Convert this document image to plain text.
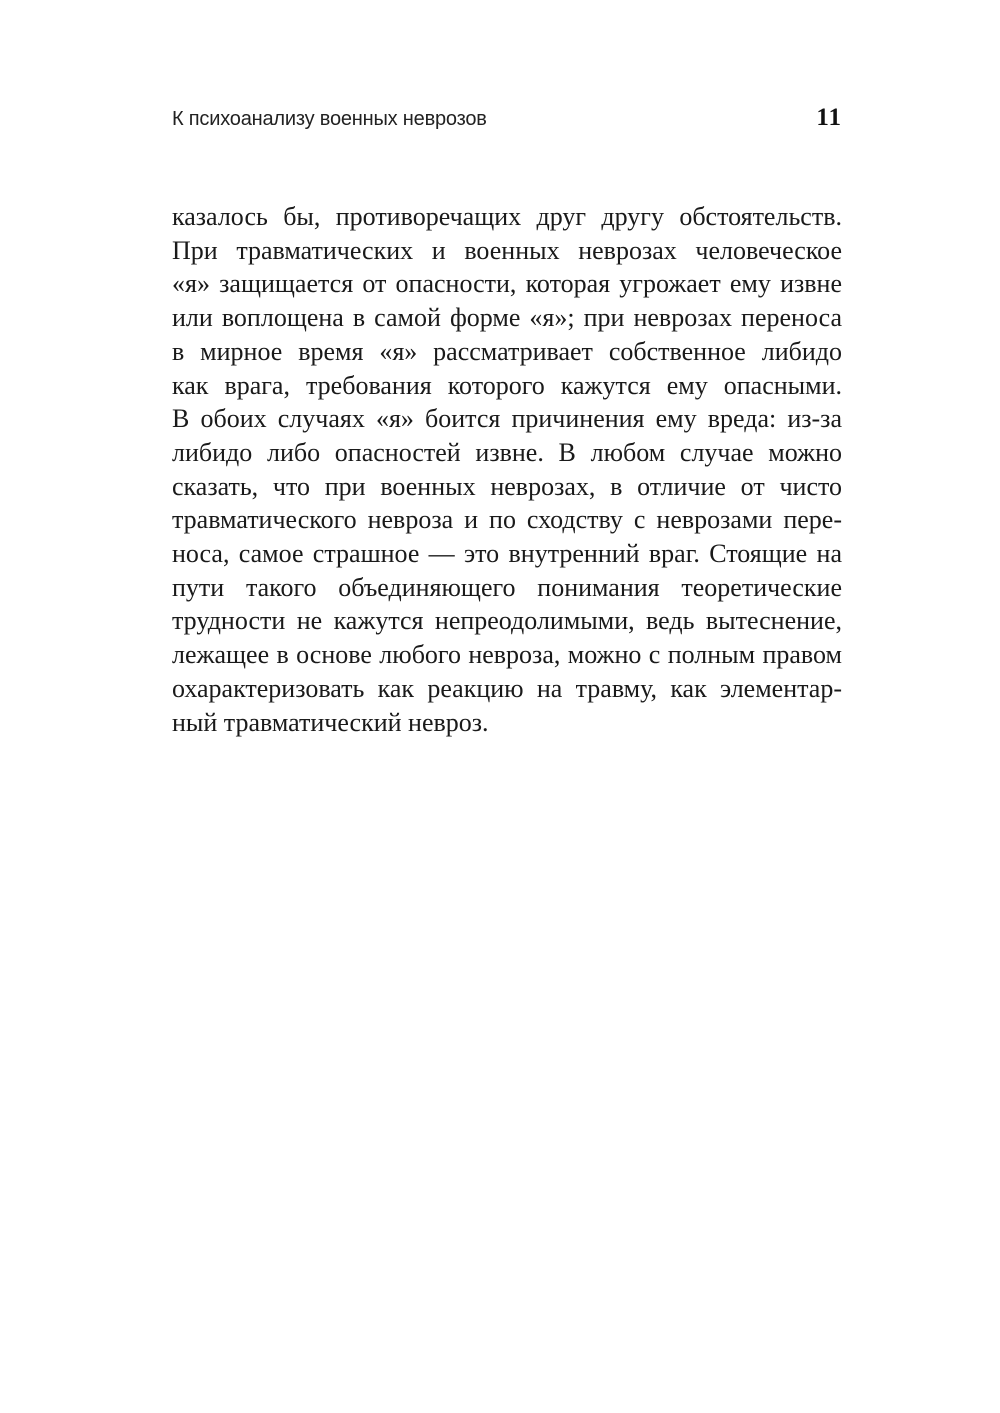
К психоанализу военных неврозов	11
казалось бы, противоречащих друг другу обстоятельств.
При травматических и военных неврозах человеческое
«я» защищается от опасности, которая угрожает ему извне
или воплощена в самой форме «я»; при неврозах переноса
в мирное время «я» рассматривает собственное либидо
как врага, требования которого кажутся ему опасными.
В обоих случаях «я» боится причинения ему вреда: из-за
либидо либо опасностей извне. В любом случае можно
сказать, что при военных неврозах, в отличие от чисто
травматического невроза и по сходству с неврозами пере-
носа, самое страшное — это внутренний враг. Стоящие на
пути такого объединяющего понимания теоретические
трудности не кажутся непреодолимыми, ведь вытеснение,
лежащее в основе любого невроза, можно с полным правом
охарактеризовать как реакцию на травму, как элементар-
ный травматический невроз.
